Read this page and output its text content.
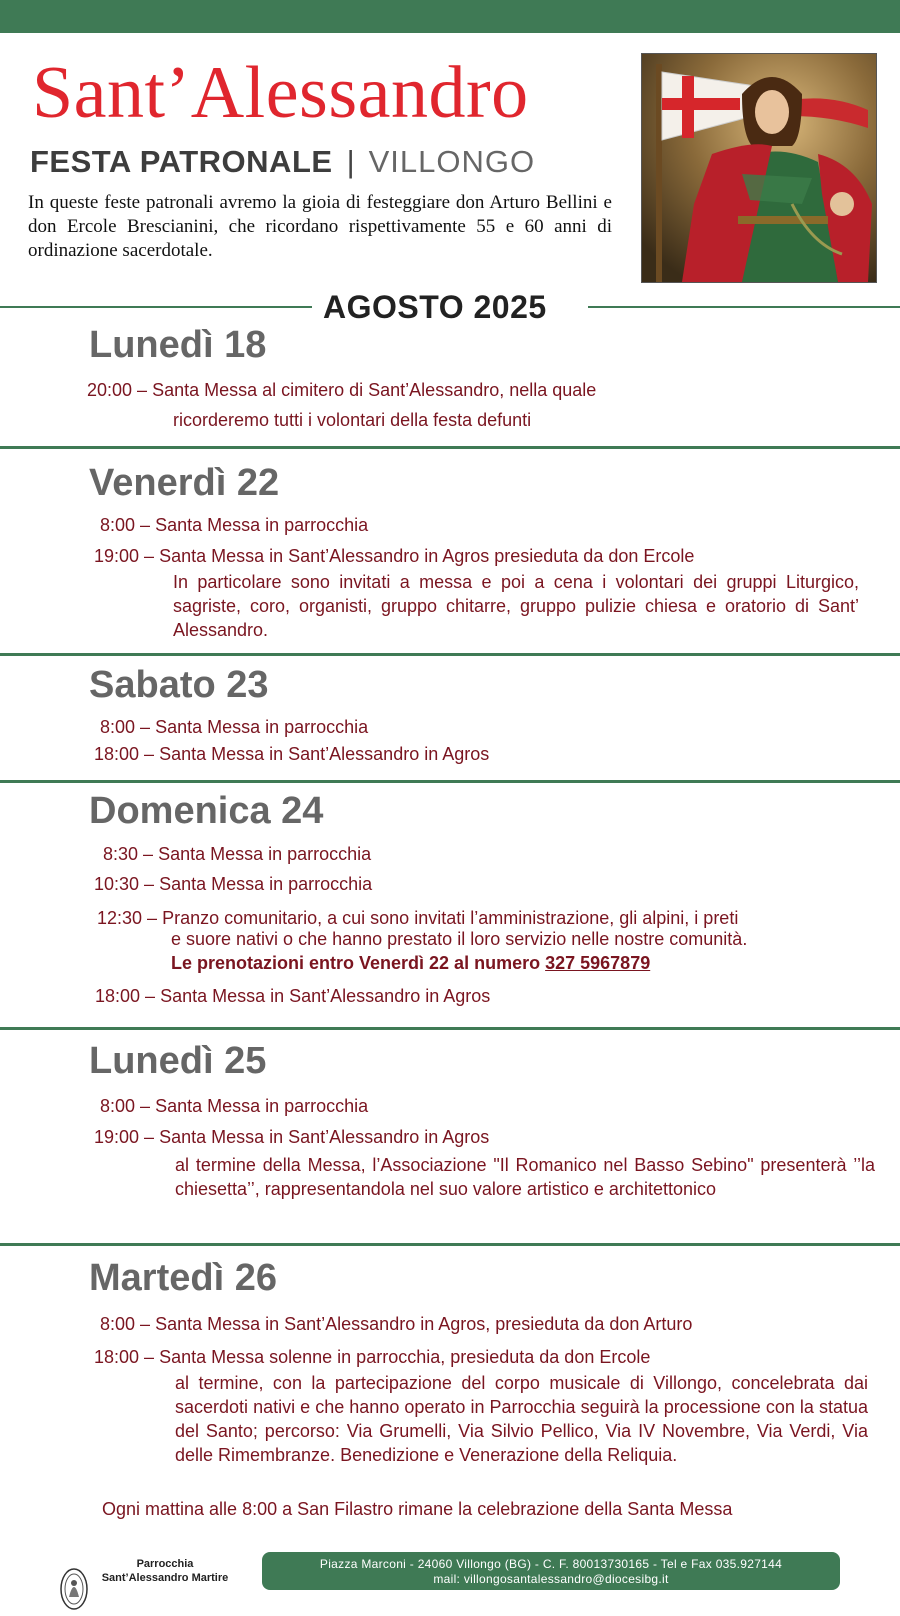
Sant’Alessandro
FESTA PATRONALE | VILLONGO

In queste feste patronali avremo la gioia di festeggiare don Arturo Bellini e don Ercole Brescianini, che ricordano rispettivamente 55 e 60 anni di ordinazione sacerdotale.

AGOSTO 2025
Lunedì 18
20:00 – Santa Messa al cimitero di Sant’Alessandro, nella quale

ricorderemo tutti i volontari della festa defunti

Venerdì 22
8:00 – Santa Messa in parrocchia
19:00 – Santa Messa in Sant’Alessandro in Agros presieduta da don Ercole

In particolare sono invitati a messa e poi a cena i volontari dei gruppi Liturgico, sagriste, coro, organisti, gruppo chitarre, gruppo pulizie chiesa e oratorio di Sant’ Alessandro.

Sabato 23
8:00 – Santa Messa in parrocchia
18:00 – Santa Messa in Sant’Alessandro in Agros
Domenica 24
8:30 – Santa Messa in parrocchia
10:30 – Santa Messa in parrocchia
12:30 – Pranzo comunitario, a cui sono invitati l’amministrazione, gli alpini, i preti

e suore nativi o che hanno prestato il loro servizio nelle nostre comunità.

Le prenotazioni entro Venerdì 22 al numero 327 5967879
18:00 – Santa Messa in Sant’Alessandro in Agros
Lunedì 25
8:00 – Santa Messa in parrocchia
19:00 – Santa Messa in Sant’Alessandro in Agros

al termine della Messa, l’Associazione "Il Romanico nel Basso Sebino" presenterà ’’la chiesetta’’, rappresentandola nel suo valore artistico e architettonico

Martedì 26
8:00 – Santa Messa in Sant’Alessandro in Agros, presieduta da don Arturo
18:00 – Santa Messa solenne in parrocchia, presieduta da don Ercole

al termine, con la partecipazione del corpo musicale di Villongo, concelebrata dai sacerdoti nativi e che hanno operato in Parrocchia seguirà la processione con la statua del Santo; percorso: Via Grumelli, Via Silvio Pellico, Via IV Novembre, Via Verdi, Via delle Rimembranze. Benedizione e Venerazione della Reliquia.

Ogni mattina alle 8:00 a San Filastro rimane la celebrazione della Santa Messa
Parrocchia
Sant’Alessandro Martire
Piazza Marconi - 24060 Villongo (BG) - C. F. 80013730165 - Tel e Fax 035.927144
mail: villongosantalessandro@diocesibg.it
